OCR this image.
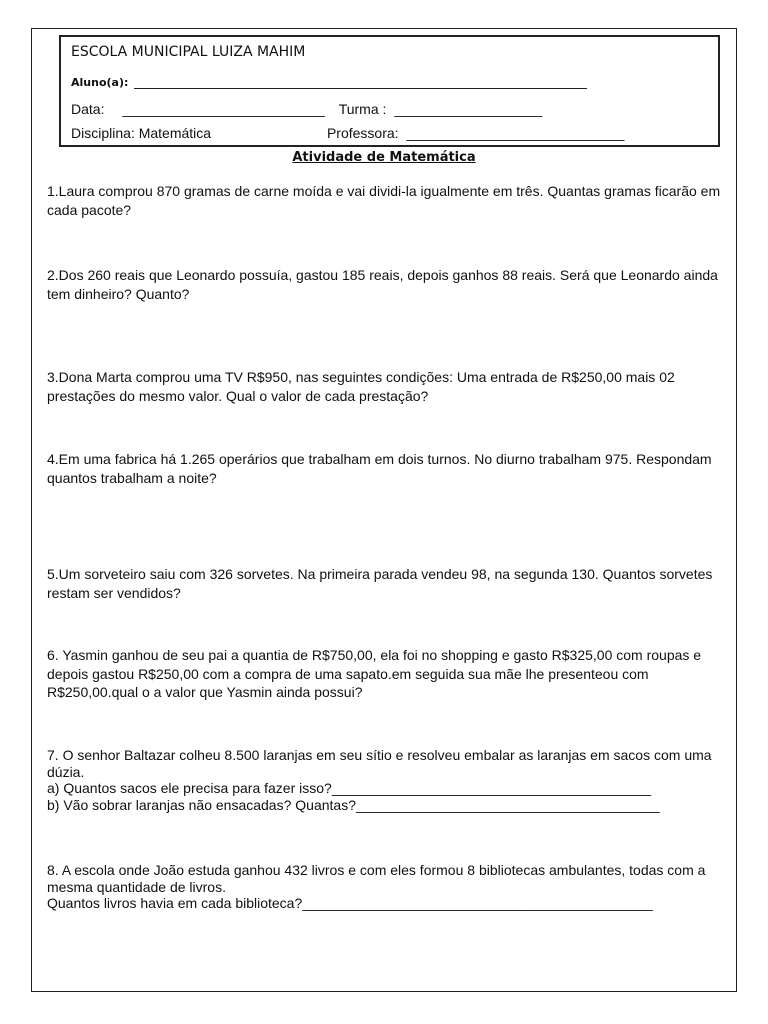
ESCOLA MUNICIPAL LUIZA MAHIM
Aluno(a):
Data: __________________________ Turma : ___________________
Disciplina: Matemática	Professora: ____________________________
Atividade de Matemática
1.Laura comprou 870 gramas de carne moída e vai dividi-la igualmente em três. Quantas gramas ficarão em cada pacote?
2.Dos 260 reais que Leonardo possuía, gastou 185 reais, depois ganhos 88 reais. Será que Leonardo ainda tem dinheiro? Quanto?
3.Dona Marta comprou uma TV R$950, nas seguintes condições: Uma entrada de R$250,00 mais 02 prestações do mesmo valor. Qual o valor de cada prestação?
4.Em uma fabrica há 1.265 operários que trabalham em dois turnos. No diurno trabalham 975. Respondam quantos trabalham a noite?
5.Um sorveteiro saiu com 326 sorvetes. Na primeira parada vendeu 98, na segunda 130. Quantos sorvetes restam ser vendidos?
6. Yasmin ganhou de seu pai a quantia de R$750,00, ela foi no shopping e gasto R$325,00 com roupas e depois gastou R$250,00 com a compra de uma sapato.em seguida sua mãe lhe presenteou com R$250,00.qual o a valor que Yasmin ainda possui?

7. O senhor Baltazar colheu 8.500 laranjas em seu sítio e resolveu embalar as laranjas em sacos com uma dúzia.

a) Quantos sacos ele precisa para fazer isso?_________________________________________

b) Vão sobrar laranjas não ensacadas? Quantas?_______________________________________

8. A escola onde João estuda ganhou 432 livros e com eles formou 8 bibliotecas ambulantes, todas com a mesma quantidade de livros.

Quantos livros havia em cada biblioteca?_____________________________________________
